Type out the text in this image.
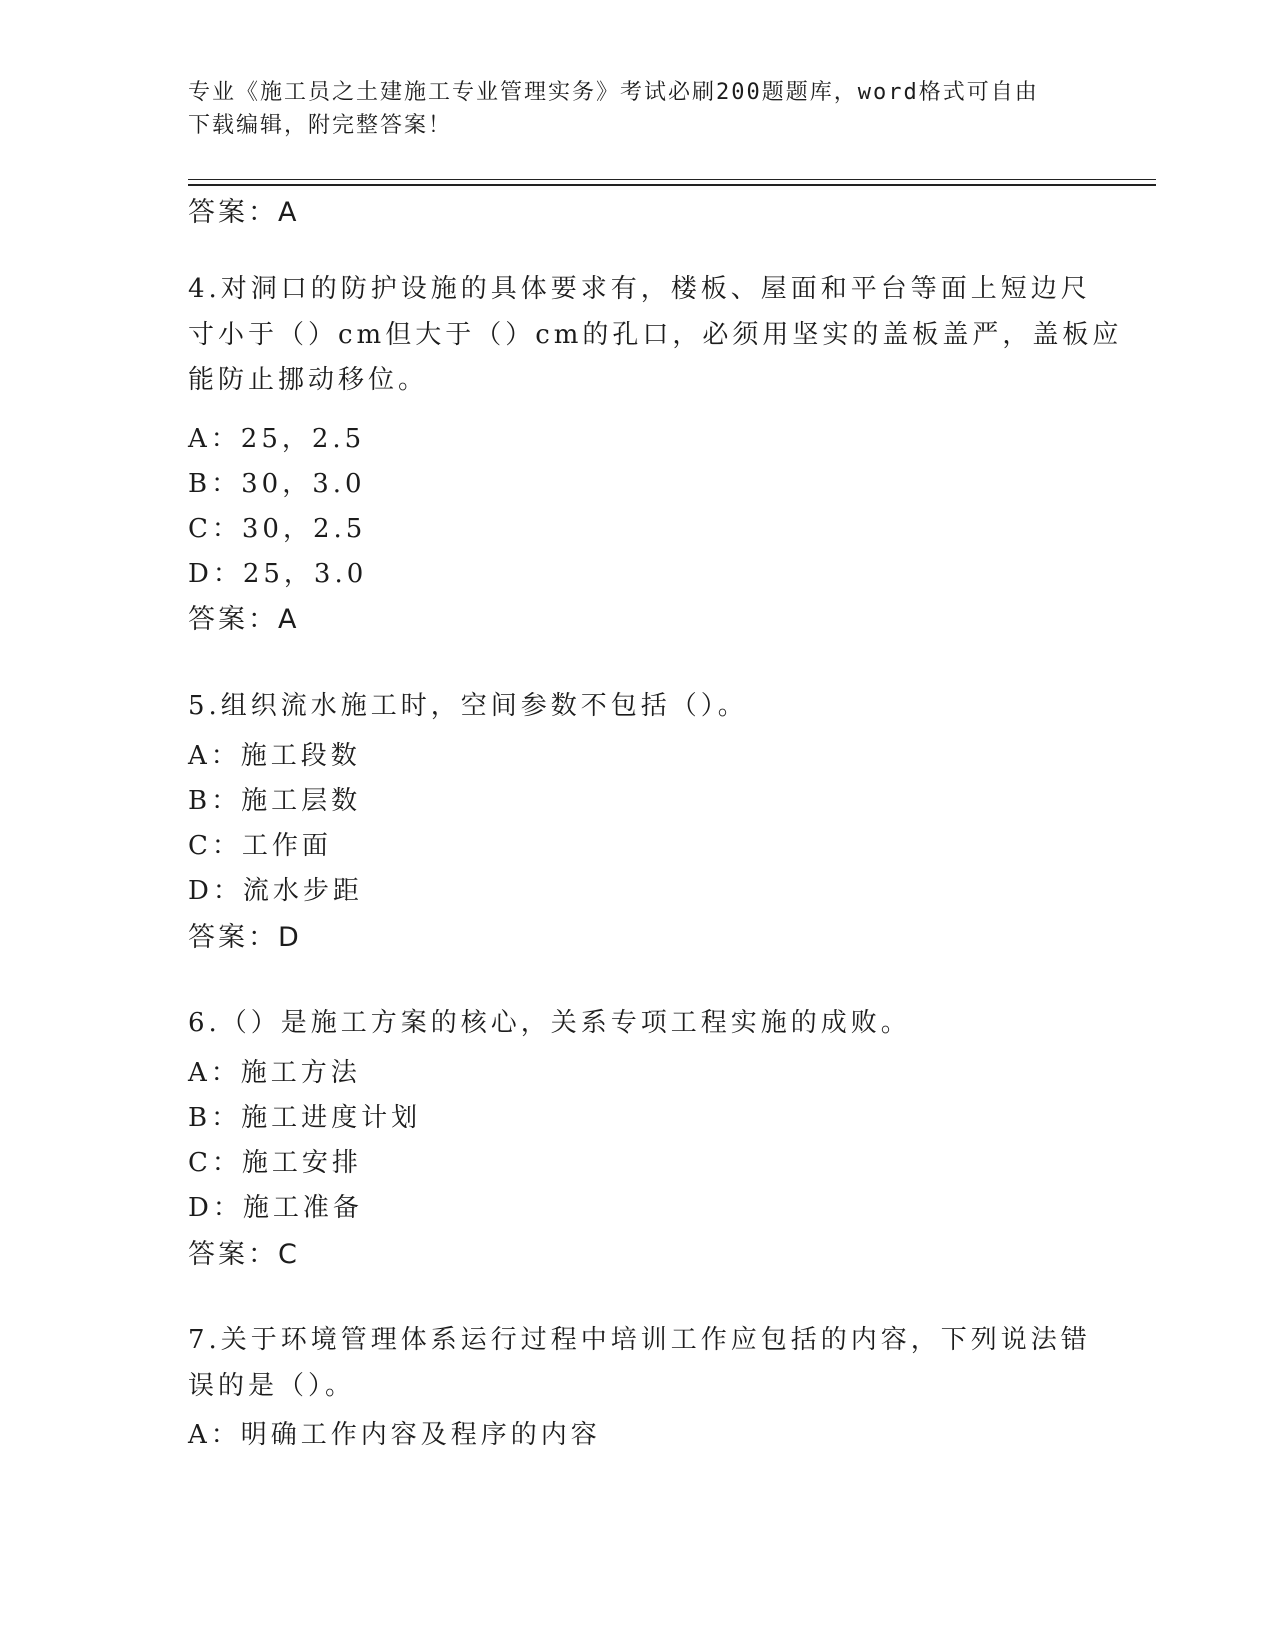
专业《施工员之土建施工专业管理实务》考试必刷200题题库，word格式可自由
下载编辑，附完整答案！
答案：A
4.对洞口的防护设施的具体要求有，楼板、屋面和平台等面上短边尺
寸小于（）cm但大于（）cm的孔口，必须用坚实的盖板盖严，盖板应
能防止挪动移位。
A：25，2.5
B：30，3.0
C：30，2.5
D：25，3.0
答案：A
5.组织流水施工时，空间参数不包括（）。
A：施工段数
B：施工层数
C：工作面
D：流水步距
答案：D
6.（）是施工方案的核心，关系专项工程实施的成败。
A：施工方法
B：施工进度计划
C：施工安排
D：施工准备
答案：C
7.关于环境管理体系运行过程中培训工作应包括的内容，下列说法错
误的是（）。
A：明确工作内容及程序的内容
